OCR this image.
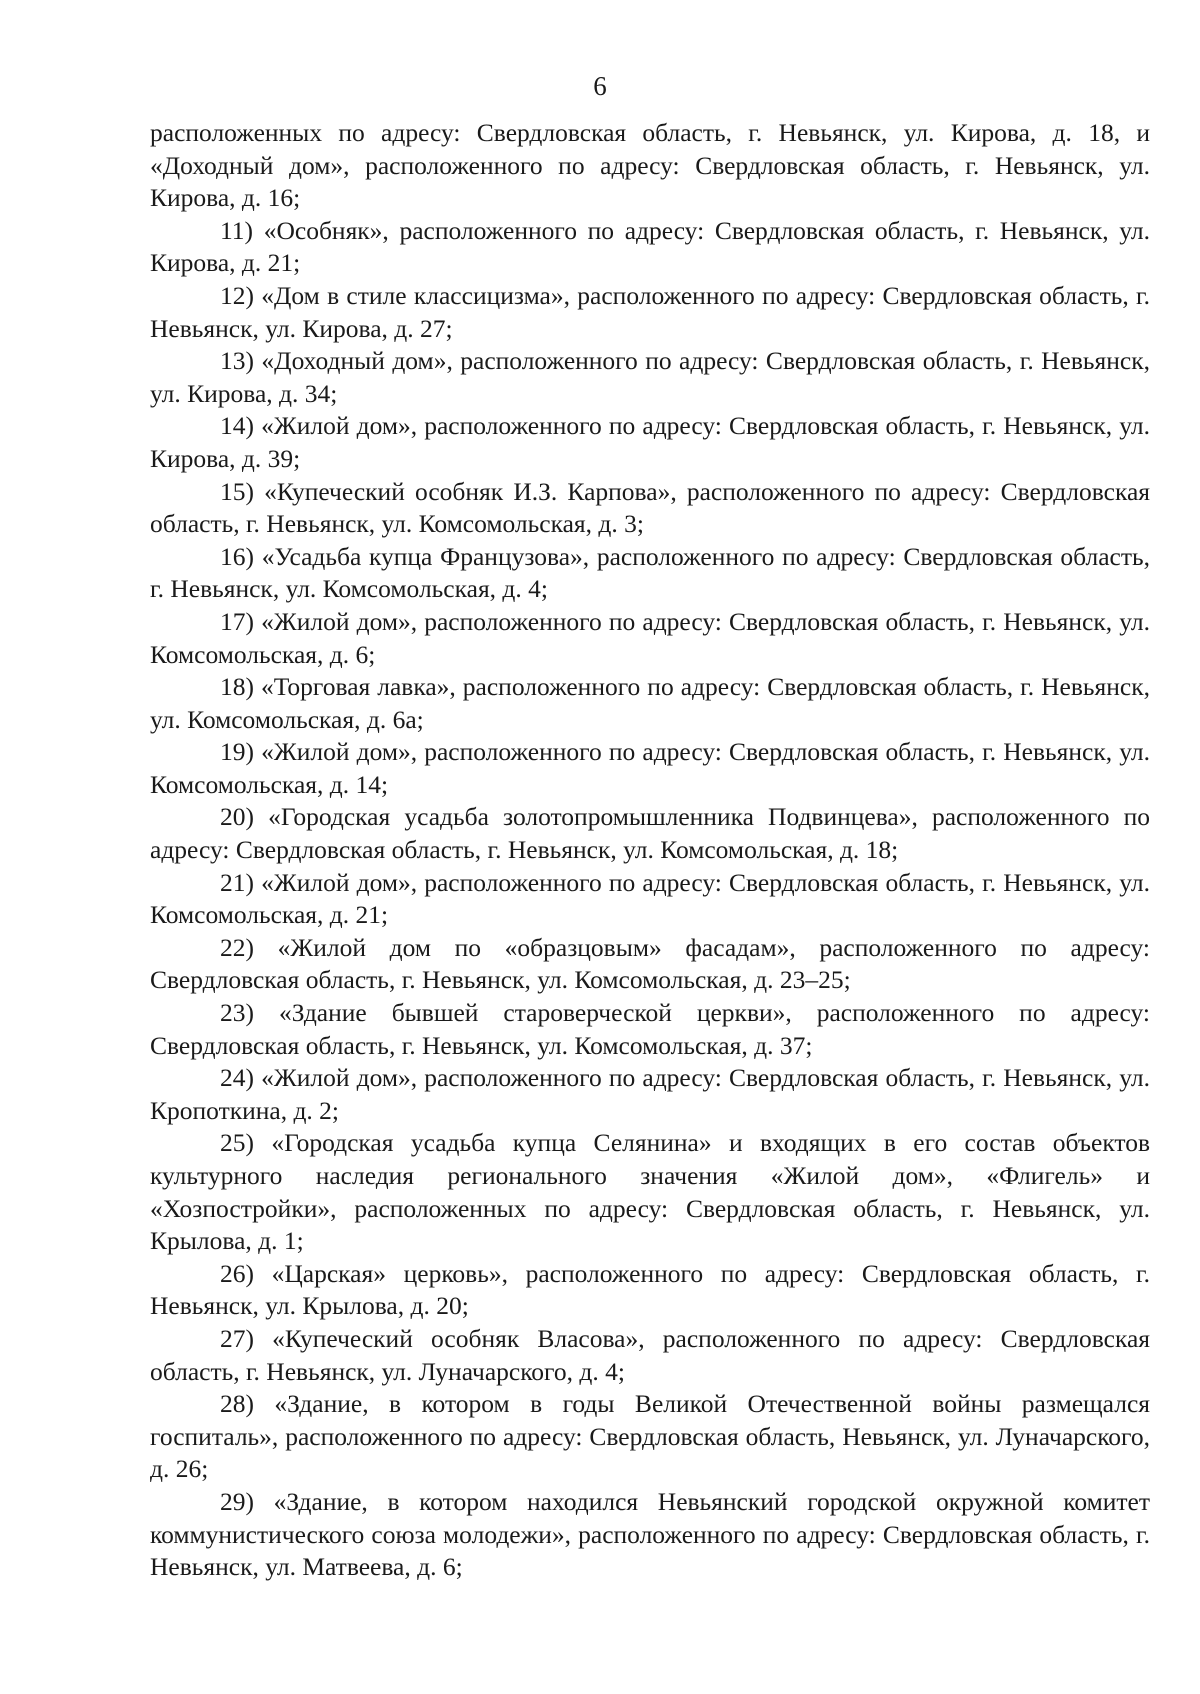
6

расположенных по адресу: Свердловская область, г. Невьянск, ул. Кирова, д. 18, и «Доходный дом», расположенного по адресу: Свердловская область, г. Невьянск, ул. Кирова, д. 16;

11) «Особняк», расположенного по адресу: Свердловская область, г. Невьянск, ул. Кирова, д. 21;

12) «Дом в стиле классицизма», расположенного по адресу: Свердловская область, г. Невьянск, ул. Кирова, д. 27;

13) «Доходный дом», расположенного по адресу: Свердловская область, г. Невьянск, ул. Кирова, д. 34;

14) «Жилой дом», расположенного по адресу: Свердловская область, г. Невьянск, ул. Кирова, д. 39;

15) «Купеческий особняк И.З. Карпова», расположенного по адресу: Свердловская область, г. Невьянск, ул. Комсомольская, д. 3;

16) «Усадьба купца Французова», расположенного по адресу: Свердловская область, г. Невьянск, ул. Комсомольская, д. 4;

17) «Жилой дом», расположенного по адресу: Свердловская область, г. Невьянск, ул. Комсомольская, д. 6;

18) «Торговая лавка», расположенного по адресу: Свердловская область, г. Невьянск, ул. Комсомольская, д. 6а;

19) «Жилой дом», расположенного по адресу: Свердловская область, г. Невьянск, ул. Комсомольская, д. 14;

20) «Городская усадьба золотопромышленника Подвинцева», расположенного по адресу: Свердловская область, г. Невьянск, ул. Комсомольская, д. 18;

21) «Жилой дом», расположенного по адресу: Свердловская область, г. Невьянск, ул. Комсомольская, д. 21;

22) «Жилой дом по «образцовым» фасадам», расположенного по адресу: Свердловская область, г. Невьянск, ул. Комсомольская, д. 23–25;

23) «Здание бывшей староверческой церкви», расположенного по адресу: Свердловская область, г. Невьянск, ул. Комсомольская, д. 37;

24) «Жилой дом», расположенного по адресу: Свердловская область, г. Невьянск, ул. Кропоткина, д. 2;

25) «Городская усадьба купца Селянина» и входящих в его состав объектов культурного наследия регионального значения «Жилой дом», «Флигель» и «Хозпостройки», расположенных по адресу: Свердловская область, г. Невьянск, ул. Крылова, д. 1;

26) «Царская» церковь», расположенного по адресу: Свердловская область, г. Невьянск, ул. Крылова, д. 20;

27) «Купеческий особняк Власова», расположенного по адресу: Свердловская область, г. Невьянск, ул. Луначарского, д. 4;

28) «Здание, в котором в годы Великой Отечественной войны размещался госпиталь», расположенного по адресу: Свердловская область, Невьянск, ул. Луначарского, д. 26;

29) «Здание, в котором находился Невьянский городской окружной комитет коммунистического союза молодежи», расположенного по адресу: Свердловская область, г. Невьянск, ул. Матвеева, д. 6;
